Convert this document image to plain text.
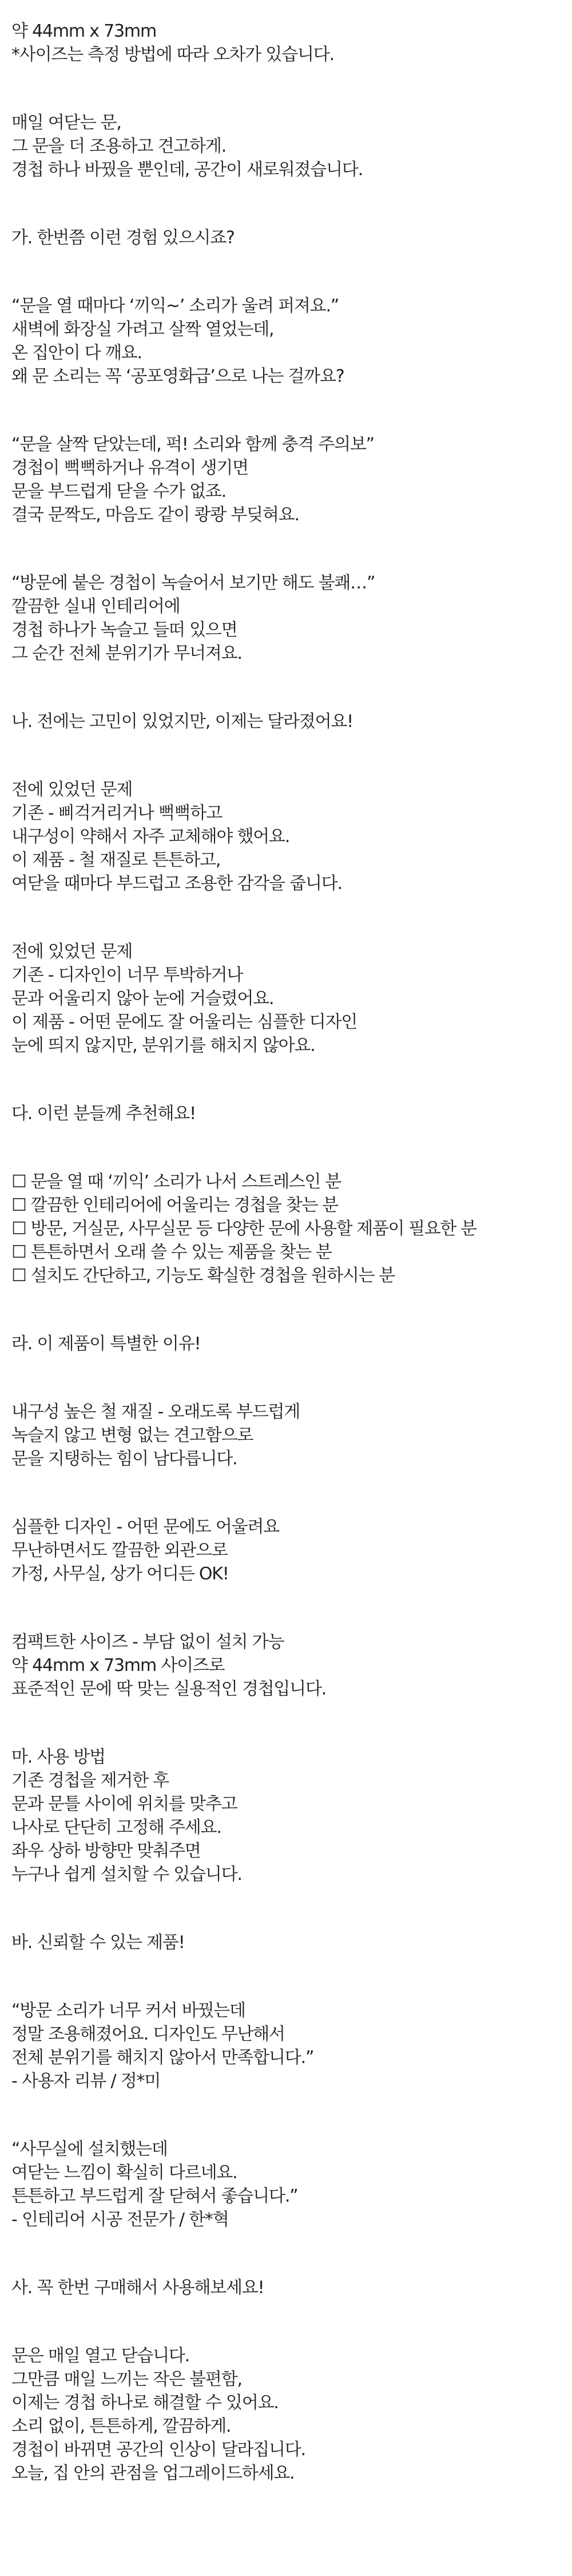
약 44mm x 73mm
*사이즈는 측정 방법에 따라 오차가 있습니다.
매일 여닫는 문,
그 문을 더 조용하고 견고하게.
경첩 하나 바꿨을 뿐인데, 공간이 새로워졌습니다.
가. 한번쯤 이런 경험 있으시죠?
“문을 열 때마다 ‘끼익~’ 소리가 울려 퍼져요.”
새벽에 화장실 가려고 살짝 열었는데,
온 집안이 다 깨요.
왜 문 소리는 꼭 ‘공포영화급’으로 나는 걸까요?
“문을 살짝 닫았는데, 퍽! 소리와 함께 충격 주의보”
경첩이 뻑뻑하거나 유격이 생기면
문을 부드럽게 닫을 수가 없죠.
결국 문짝도, 마음도 같이 쾅쾅 부딪혀요.
“방문에 붙은 경첩이 녹슬어서 보기만 해도 불쾌…”
깔끔한 실내 인테리어에
경첩 하나가 녹슬고 들떠 있으면
그 순간 전체 분위기가 무너져요.
나. 전에는 고민이 있었지만, 이제는 달라졌어요!
전에 있었던 문제
기존 - 삐걱거리거나 뻑뻑하고
내구성이 약해서 자주 교체해야 했어요.
이 제품 - 철 재질로 튼튼하고,
여닫을 때마다 부드럽고 조용한 감각을 줍니다.
전에 있었던 문제
기존 - 디자인이 너무 투박하거나
문과 어울리지 않아 눈에 거슬렸어요.
이 제품 - 어떤 문에도 잘 어울리는 심플한 디자인
눈에 띄지 않지만, 분위기를 해치지 않아요.
다. 이런 분들께 추천해요!
☐ 문을 열 때 ‘끼익’ 소리가 나서 스트레스인 분
☐ 깔끔한 인테리어에 어울리는 경첩을 찾는 분
☐ 방문, 거실문, 사무실문 등 다양한 문에 사용할 제품이 필요한 분
☐ 튼튼하면서 오래 쓸 수 있는 제품을 찾는 분
☐ 설치도 간단하고, 기능도 확실한 경첩을 원하시는 분
라. 이 제품이 특별한 이유!
내구성 높은 철 재질 - 오래도록 부드럽게
녹슬지 않고 변형 없는 견고함으로
문을 지탱하는 힘이 남다릅니다.
심플한 디자인 - 어떤 문에도 어울려요
무난하면서도 깔끔한 외관으로
가정, 사무실, 상가 어디든 OK!
컴팩트한 사이즈 - 부담 없이 설치 가능
약 44mm x 73mm 사이즈로
표준적인 문에 딱 맞는 실용적인 경첩입니다.
마. 사용 방법
기존 경첩을 제거한 후
문과 문틀 사이에 위치를 맞추고
나사로 단단히 고정해 주세요.
좌우 상하 방향만 맞춰주면
누구나 쉽게 설치할 수 있습니다.
바. 신뢰할 수 있는 제품!
“방문 소리가 너무 커서 바꿨는데
정말 조용해졌어요. 디자인도 무난해서
전체 분위기를 해치지 않아서 만족합니다.”
- 사용자 리뷰 / 정*미
“사무실에 설치했는데
여닫는 느낌이 확실히 다르네요.
튼튼하고 부드럽게 잘 닫혀서 좋습니다.”
- 인테리어 시공 전문가 / 한*혁
사. 꼭 한번 구매해서 사용해보세요!
문은 매일 열고 닫습니다.
그만큼 매일 느끼는 작은 불편함,
이제는 경첩 하나로 해결할 수 있어요.
소리 없이, 튼튼하게, 깔끔하게.
경첩이 바뀌면 공간의 인상이 달라집니다.
오늘, 집 안의 관점을 업그레이드하세요.
